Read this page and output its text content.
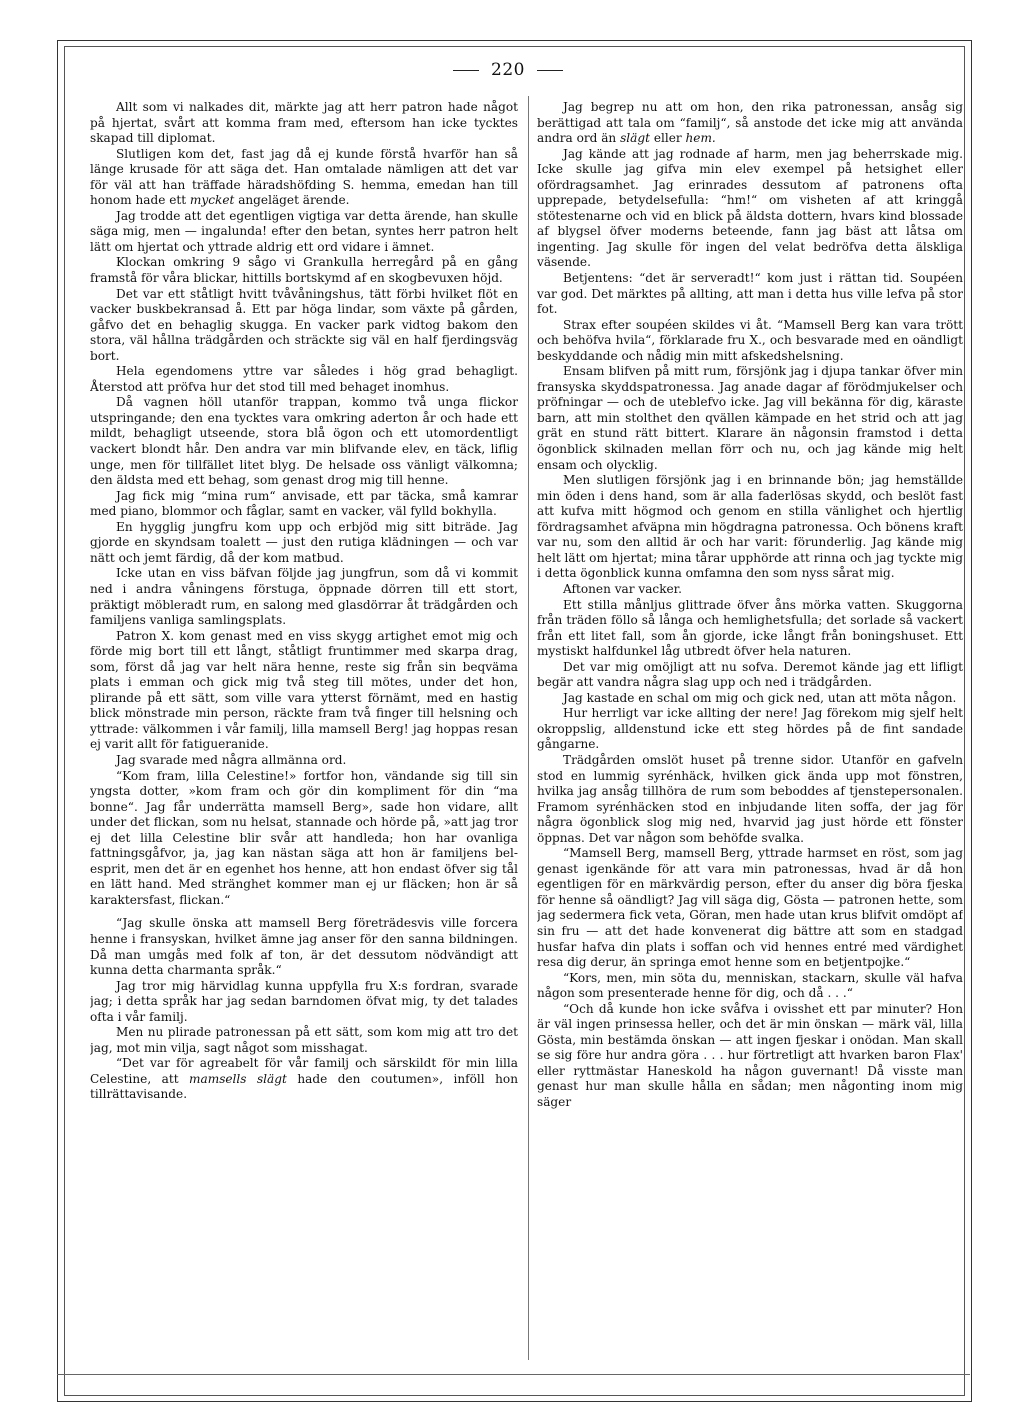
220

Allt som vi nalkades dit, märkte jag att herr patron hade något på hjertat, svårt att komma fram med, eftersom han icke tycktes skapad till diplomat.

Slutligen kom det, fast jag då ej kunde förstå hvarför han så länge krusade för att säga det. Han omtalade nämligen att det var för väl att han träffade häradshöfding S. hemma, emedan han till honom hade ett mycket angeläget ärende.

Jag trodde att det egentligen vigtiga var detta ärende, han skulle säga mig, men — ingalunda! efter den betan, syntes herr patron helt lätt om hjertat och yttrade aldrig ett ord vidare i ämnet.

Klockan omkring 9 sågo vi Grankulla herregård på en gång framstå för våra blickar, hittills bortskymd af en skogbevuxen höjd.

Det var ett ståtligt hvitt tvåvåningshus, tätt förbi hvilket flöt en vacker buskbekransad å. Ett par höga lindar, som växte på gården, gåfvo det en behaglig skugga. En vacker park vidtog bakom den stora, väl hållna trädgården och sträckte sig väl en half fjerdingsväg bort.

Hela egendomens yttre var således i hög grad behagligt. Återstod att pröfva hur det stod till med behaget inomhus.

Då vagnen höll utanför trappan, kommo två unga flickor utspringande; den ena tycktes vara omkring aderton år och hade ett mildt, behagligt utseende, stora blå ögon och ett utomordentligt vackert blondt hår. Den andra var min blifvande elev, en täck, liflig unge, men för tillfället litet blyg. De helsade oss vänligt välkomna; den äldsta med ett behag, som genast drog mig till henne.

Jag fick mig “mina rum“ anvisade, ett par täcka, små kamrar med piano, blommor och fåglar, samt en vacker, väl fylld bokhylla.

En hygglig jungfru kom upp och erbjöd mig sitt biträde. Jag gjorde en skyndsam toalett — just den rutiga klädningen — och var nätt och jemt färdig, då der kom matbud.

Icke utan en viss bäfvan följde jag jungfrun, som då vi kommit ned i andra våningens förstuga, öppnade dörren till ett stort, präktigt möbleradt rum, en salong med glasdörrar åt trädgården och familjens vanliga samlingsplats.

Patron X. kom genast med en viss skygg artighet emot mig och förde mig bort till ett långt, ståtligt fruntimmer med skarpa drag, som, först då jag var helt nära henne, reste sig från sin beqväma plats i emman och gick mig två steg till mötes, under det hon, plirande på ett sätt, som ville vara ytterst förnämt, med en hastig blick mönstrade min person, räckte fram två finger till helsning och yttrade: välkommen i vår familj, lilla mamsell Berg! jag hoppas resan ej varit allt för fatigueranide.

Jag svarade med några allmänna ord.

“Kom fram, lilla Celestine!» fortfor hon, vändande sig till sin yngsta dotter, »kom fram och gör din kompliment för din “ma bonne“. Jag får underrätta mamsell Berg», sade hon vidare, allt under det flickan, som nu helsat, stannade och hörde på, »att jag tror ej det lilla Celestine blir svår att handleda; hon har ovanliga fattningsgåfvor, ja, jag kan nästan säga att hon är familjens bel-esprit, men det är en egenhet hos henne, att hon endast öfver sig tål en lätt hand. Med stränghet kommer man ej ur fläcken; hon är så karaktersfast, flickan.“

“Jag skulle önska att mamsell Berg företrädesvis ville forcera henne i fransyskan, hvilket ämne jag anser för den sanna bildningen. Då man umgås med folk af ton, är det dessutom nödvändigt att kunna detta charmanta språk.“

Jag tror mig härvidlag kunna uppfylla fru X:s fordran, svarade jag; i detta språk har jag sedan barndomen öfvat mig, ty det talades ofta i vår familj.

Men nu plirade patronessan på ett sätt, som kom mig att tro det jag, mot min vilja, sagt något som misshagat.

“Det var för agreabelt för vår familj och särskildt för min lilla Celestine, att mamsells slägt hade den coutumen», inföll hon tillrättavisande.

Jag begrep nu att om hon, den rika patronessan, ansåg sig berättigad att tala om “familj“, så anstode det icke mig att använda andra ord än slägt eller hem.

Jag kände att jag rodnade af harm, men jag beherrskade mig. Icke skulle jag gifva min elev exempel på hetsighet eller ofördragsamhet. Jag erinrades dessutom af patronens ofta upprepade, betydelsefulla: “hm!“ om visheten af att kringgå stötestenarne och vid en blick på äldsta dottern, hvars kind blossade af blygsel öfver moderns beteende, fann jag bäst att låtsa om ingenting. Jag skulle för ingen del velat bedröfva detta älskliga väsende.

Betjentens: “det är serveradt!“ kom just i rättan tid. Soupéen var god. Det märktes på allting, att man i detta hus ville lefva på stor fot.

Strax efter soupéen skildes vi åt. “Mamsell Berg kan vara trött och behöfva hvila“, förklarade fru X., och besvarade med en oändligt beskyddande och nådig min mitt afskedshelsning.

Ensam blifven på mitt rum, försjönk jag i djupa tankar öfver min fransyska skyddspatronessa. Jag anade dagar af förödmjukelser och pröfningar — och de uteblefvo icke. Jag vill bekänna för dig, käraste barn, att min stolthet den qvällen kämpade en het strid och att jag grät en stund rätt bittert. Klarare än någonsin framstod i detta ögonblick skilnaden mellan förr och nu, och jag kände mig helt ensam och olycklig.

Men slutligen försjönk jag i en brinnande bön; jag hemställde min öden i dens hand, som är alla faderlösas skydd, och beslöt fast att kufva mitt högmod och genom en stilla vänlighet och hjertlig fördragsamhet afväpna min högdragna patronessa. Och bönens kraft var nu, som den alltid är och har varit: förunderlig. Jag kände mig helt lätt om hjertat; mina tårar upphörde att rinna och jag tyckte mig i detta ögonblick kunna omfamna den som nyss sårat mig.

Aftonen var vacker.

Ett stilla månljus glittrade öfver åns mörka vatten. Skuggorna från träden föllo så långa och hemlighetsfulla; det sorlade så vackert från ett litet fall, som ån gjorde, icke långt från boningshuset. Ett mystiskt halfdunkel låg utbredt öfver hela naturen.

Det var mig omöjligt att nu sofva. Deremot kände jag ett lifligt begär att vandra några slag upp och ned i trädgården.

Jag kastade en schal om mig och gick ned, utan att möta någon.

Hur herrligt var icke allting der nere! Jag förekom mig sjelf helt okroppslig, alldenstund icke ett steg hördes på de fint sandade gångarne.

Trädgården omslöt huset på trenne sidor. Utanför en gafveln stod en lummig syrénhäck, hvilken gick ända upp mot fönstren, hvilka jag ansåg tillhöra de rum som beboddes af tjenstepersonalen. Framom syrénhäcken stod en inbjudande liten soffa, der jag för några ögonblick slog mig ned, hvarvid jag just hörde ett fönster öppnas. Det var någon som behöfde svalka.

“Mamsell Berg, mamsell Berg, yttrade harmset en röst, som jag genast igenkände för att vara min patronessas, hvad är då hon egentligen för en märkvärdig person, efter du anser dig böra fjeska för henne så oändligt? Jag vill säga dig, Gösta — patronen hette, som jag sedermera fick veta, Göran, men hade utan krus blifvit omdöpt af sin fru — att det hade konvenerat dig bättre att som en stadgad husfar hafva din plats i soffan och vid hennes entré med värdighet resa dig derur, än springa emot henne som en betjentpojke.“

“Kors, men, min söta du, menniskan, stackarn, skulle väl hafva någon som presenterade henne för dig, och då . . .“

“Och då kunde hon icke svåfva i ovisshet ett par minuter? Hon är väl ingen prinsessa heller, och det är min önskan — märk väl, lilla Gösta, min bestämda önskan — att ingen fjeskar i onödan. Man skall se sig före hur andra göra . . . hur förtretligt att hvarken baron Flax' eller ryttmästar Haneskold ha någon guvernant! Då visste man genast hur man skulle hålla en sådan; men någonting inom mig säger
